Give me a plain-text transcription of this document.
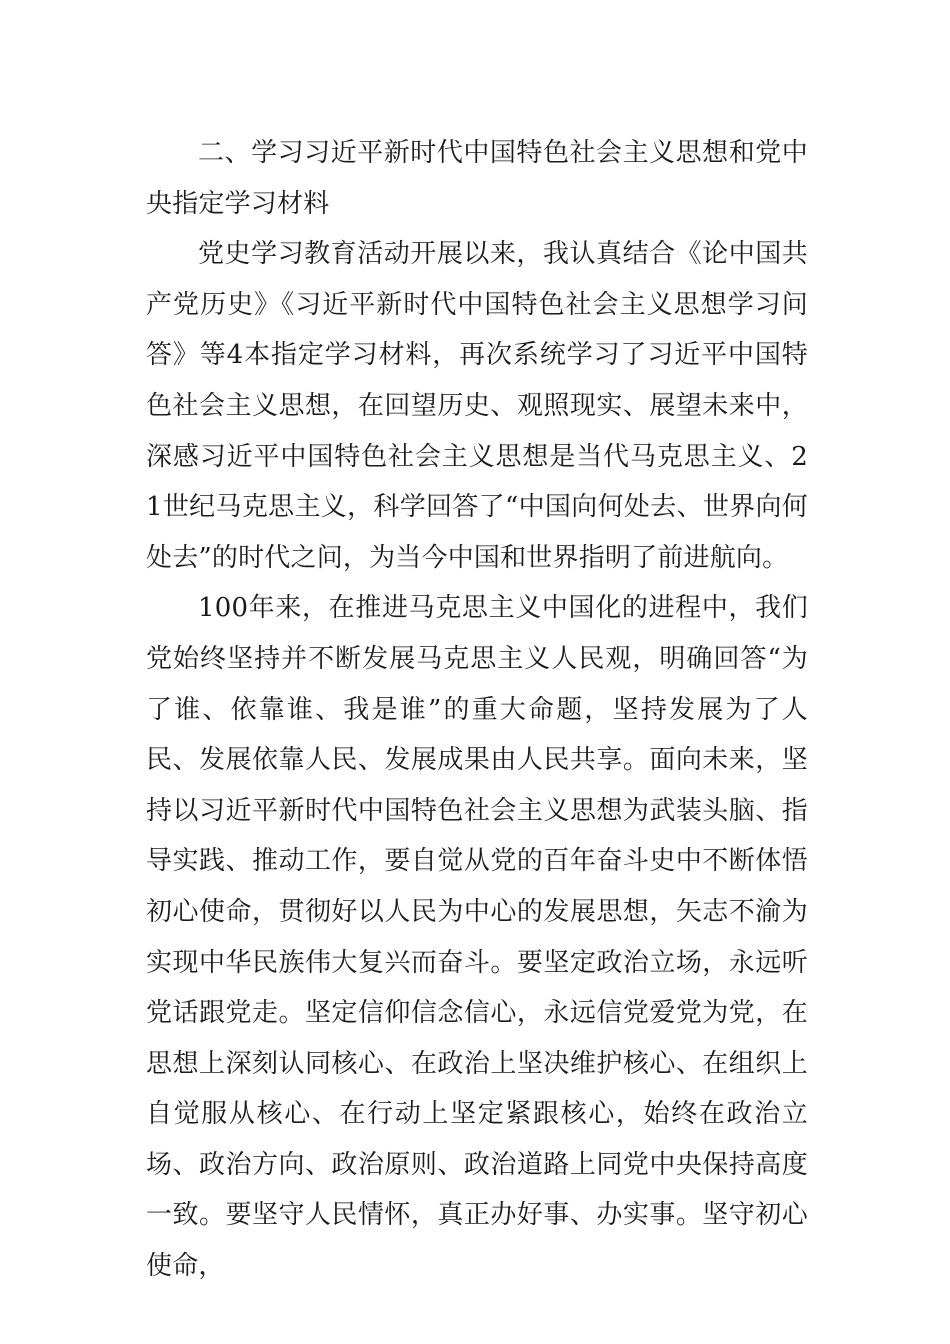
二、学习习近平新时代中国特色社会主义思想和党中央指定学习材料

党史学习教育活动开展以来，我认真结合《论中国共产党历史》《习近平新时代中国特色社会主义思想学习问答》等4本指定学习材料，再次系统学习了习近平中国特色社会主义思想，在回望历史、观照现实、展望未来中，深感习近平中国特色社会主义思想是当代马克思主义、21世纪马克思主义，科学回答了“中国向何处去、世界向何处去”的时代之问，为当今中国和世界指明了前进航向。

100年来，在推进马克思主义中国化的进程中，我们党始终坚持并不断发展马克思主义人民观，明确回答“为了谁、依靠谁、我是谁”的重大命题，坚持发展为了人民、发展依靠人民、发展成果由人民共享。面向未来，坚持以习近平新时代中国特色社会主义思想为武装头脑、指导实践、推动工作，要自觉从党的百年奋斗史中不断体悟初心使命，贯彻好以人民为中心的发展思想，矢志不渝为实现中华民族伟大复兴而奋斗。要坚定政治立场，永远听党话跟党走。坚定信仰信念信心，永远信党爱党为党，在思想上深刻认同核心、在政治上坚决维护核心、在组织上自觉服从核心、在行动上坚定紧跟核心，始终在政治立场、政治方向、政治原则、政治道路上同党中央保持高度一致。要坚守人民情怀，真正办好事、办实事。坚守初心使命，
